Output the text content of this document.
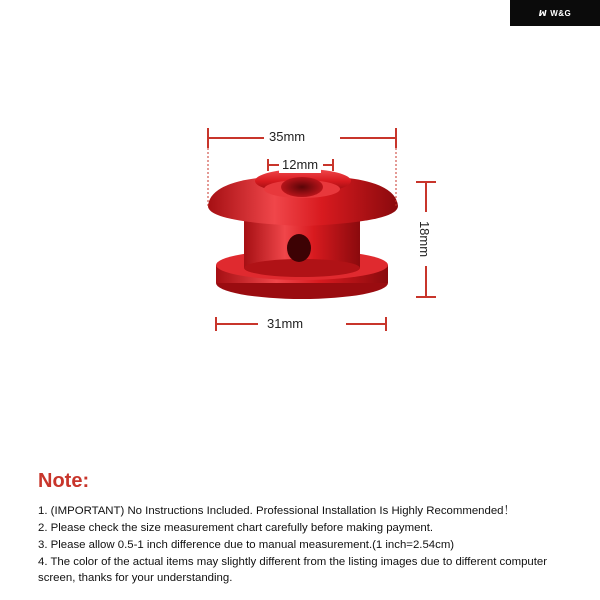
ꟽ W&G
35mm
12mm
18mm
31mm
Note:
1. (IMPORTANT) No Instructions Included. Professional Installation Is Highly Recommended！
2. Please check the size measurement chart carefully before making payment.
3. Please allow 0.5-1 inch difference due to manual measurement.(1 inch=2.54cm)
4. The color of the actual items may slightly different from the listing images due to different computer screen, thanks for your understanding.
